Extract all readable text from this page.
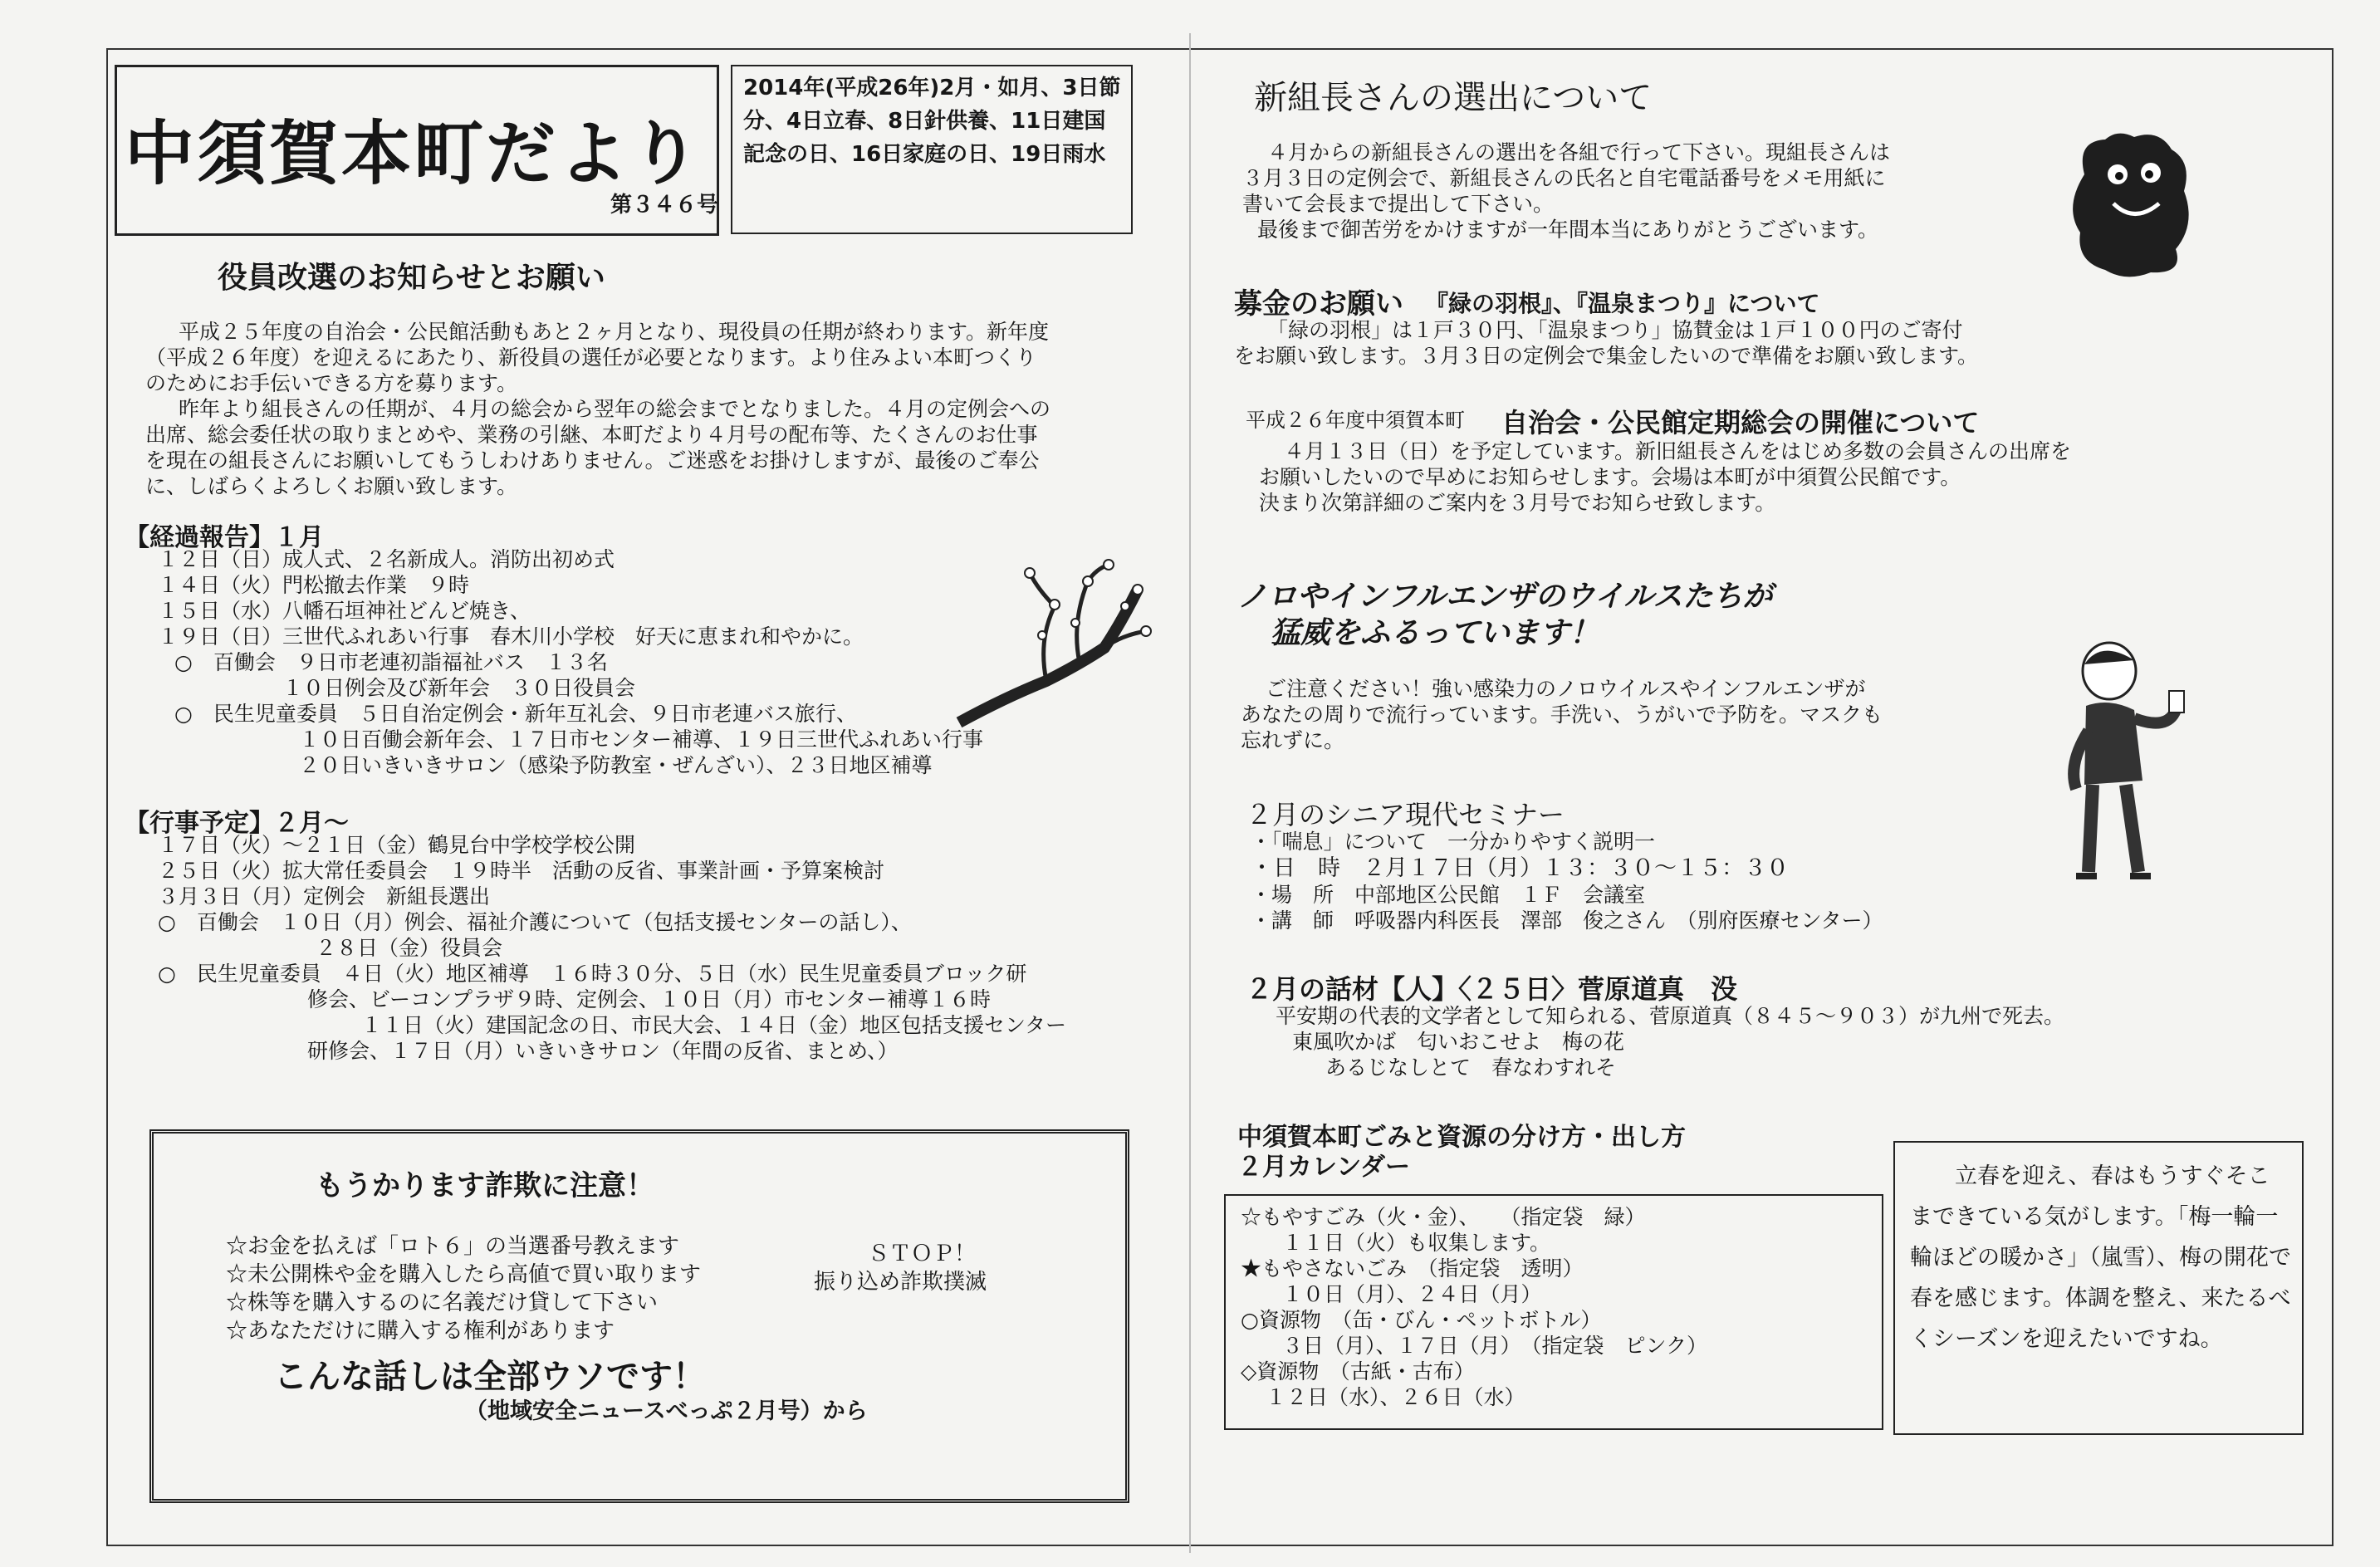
中須賀本町だより
第３４６号
2014年(平成26年)2月・如月、3日節分、4日立春、8日針供養、11日建国記念の日、16日家庭の日、19日雨水
役員改選のお知らせとお願い
平成２５年度の自治会・公民館活動もあと２ヶ月となり、現役員の任期が終わります。新年度
（平成２６年度）を迎えるにあたり、新役員の選任が必要となります。より住みよい本町つくり
のためにお手伝いできる方を募ります。
昨年より組長さんの任期が、４月の総会から翌年の総会までとなりました。４月の定例会への
出席、総会委任状の取りまとめや、業務の引継、本町だより４月号の配布等、たくさんのお仕事
を現在の組長さんにお願いしてもうしわけありません。ご迷惑をお掛けしますが、最後のご奉公
に、しばらくよろしくお願い致します。
【経過報告】１月
１２日（日）成人式、２名新成人。消防出初め式
１４日（火）門松撤去作業　９時
１５日（水）八幡石垣神社どんど焼き、
１９日（日）三世代ふれあい行事　春木川小学校　好天に恵まれ和やかに。
○　百働会　９日市老連初詣福祉バス　１３名
１０日例会及び新年会　３０日役員会
○　民生児童委員　５日自治定例会・新年互礼会、９日市老連バス旅行、
１０日百働会新年会、１７日市センター補導、１９日三世代ふれあい行事
２０日いきいきサロン（感染予防教室・ぜんざい）、２３日地区補導
【行事予定】２月～
１７日（火）～２１日（金）鶴見台中学校学校公開
２５日（火）拡大常任委員会　１９時半　活動の反省、事業計画・予算案検討
３月３日（月）定例会　新組長選出
○　百働会　１０日（月）例会、福祉介護について（包括支援センターの話し）、
２８日（金）役員会
○　民生児童委員　４日（火）地区補導　１６時３０分、５日（水）民生児童委員ブロック研
修会、ビーコンプラザ９時、定例会、１０日（月）市センター補導１６時
１１日（火）建国記念の日、市民大会、１４日（金）地区包括支援センター
研修会、１７日（月）いきいきサロン（年間の反省、まとめ、）
もうかります詐欺に注意！
☆お金を払えば「ロト６」の当選番号教えます
☆未公開株や金を購入したら高値で買い取ります
☆株等を購入するのに名義だけ貸して下さい
☆あなただけに購入する権利があります
ＳＴＯＰ！
振り込め詐欺撲滅
こんな話しは全部ウソです！
（地域安全ニュースべっぷ２月号）から
新組長さんの選出について
４月からの新組長さんの選出を各組で行って下さい。現組長さんは
３月３日の定例会で、新組長さんの氏名と自宅電話番号をメモ用紙に
書いて会長まで提出して下さい。
最後まで御苦労をかけますが一年間本当にありがとうございます。
募金のお願い 『緑の羽根』、『温泉まつり』について
「緑の羽根」は１戸３０円、「温泉まつり」協賛金は１戸１００円のご寄付
をお願い致します。３月３日の定例会で集金したいので準備をお願い致します。
平成２６年度中須賀本町 自治会・公民館定期総会の開催について
４月１３日（日）を予定しています。新旧組長さんをはじめ多数の会員さんの出席を
お願いしたいので早めにお知らせします。会場は本町が中須賀公民館です。
決まり次第詳細のご案内を３月号でお知らせ致します。
ノロやインフルエンザのウイルスたちが
猛威をふるっています！
ご注意ください！強い感染力のノロウイルスやインフルエンザが
あなたの周りで流行っています。手洗い、うがいで予防を。マスクも
忘れずに。
２月のシニア現代セミナー
・「喘息」について　一分かりやすく説明一
・日　時　２月１７日（月）１３：３０～１５：３０
・場　所　中部地区公民館　１Ｆ　会議室
・講　師　呼吸器内科医長　澤部　俊之さん　（別府医療センター）
２月の話材【人】〈２５日〉菅原道真　没
平安期の代表的文学者として知られる、菅原道真（８４５～９０３）が九州で死去。
東風吹かば　匂いおこせよ　梅の花
あるじなしとて　春なわすれそ
中須賀本町ごみと資源の分け方・出し方
２月カレンダー
☆もやすごみ（火・金）、　　（指定袋　緑）
１１日（火）も収集します。
★もやさないごみ　（指定袋　透明）
１０日（月）、２４日（月）
○資源物　（缶・びん・ペットボトル）
３日（月）、１７日（月）　（指定袋　ピンク）
◇資源物　（古紙・古布）
１２日（水）、２６日（水）
立春を迎え、春はもうすぐそこまできている気がします。「梅一輪一輪ほどの暖かさ」（嵐雪）、梅の開花で春を感じます。体調を整え、来たるべくシーズンを迎えたいですね。
